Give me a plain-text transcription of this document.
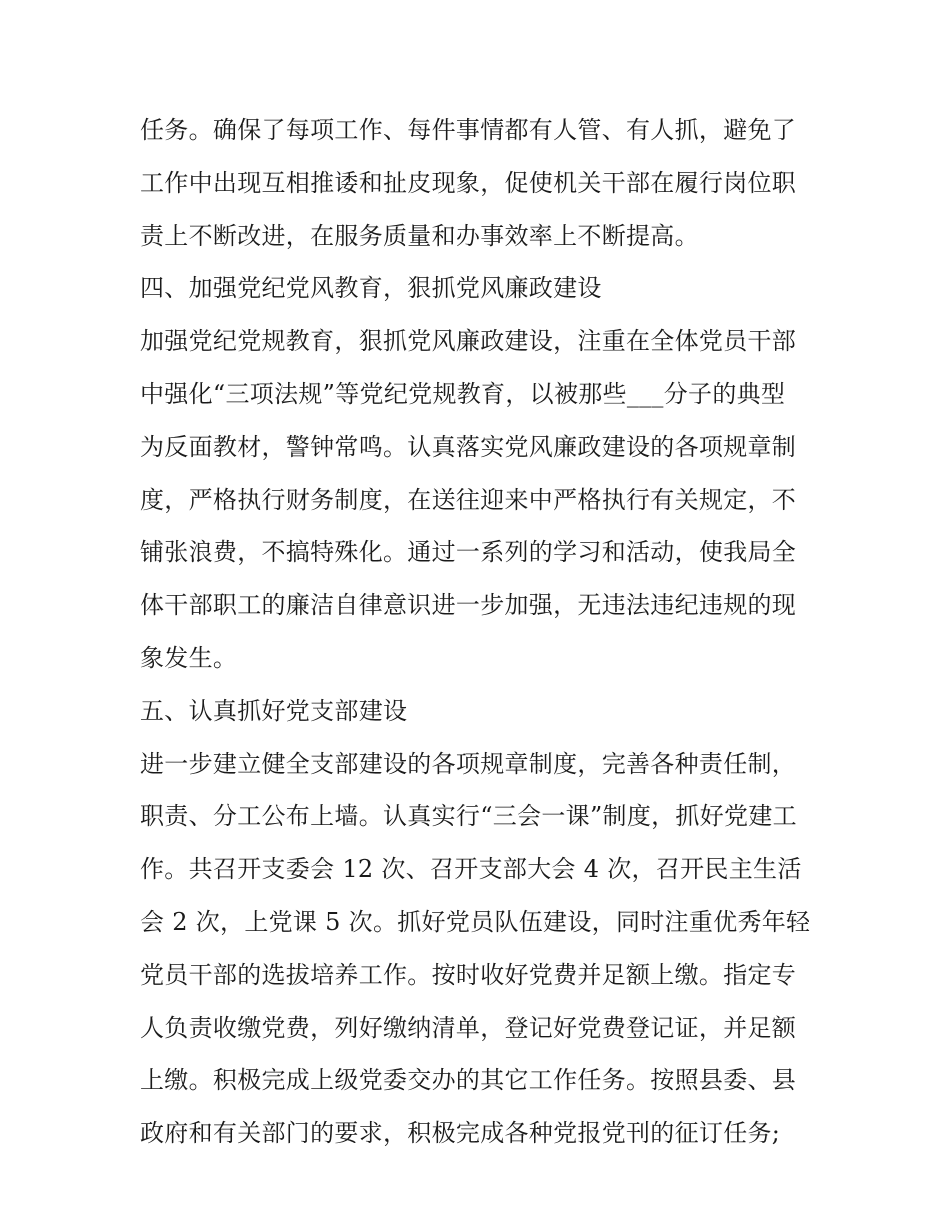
任务。确保了每项工作、每件事情都有人管、有人抓，避免了
工作中出现互相推诿和扯皮现象，促使机关干部在履行岗位职
责上不断改进，在服务质量和办事效率上不断提高。
四、加强党纪党风教育，狠抓党风廉政建设
加强党纪党规教育，狠抓党风廉政建设，注重在全体党员干部
中强化“三项法规”等党纪党规教育，以被那些___分子的典型
为反面教材，警钟常鸣。认真落实党风廉政建设的各项规章制
度，严格执行财务制度，在送往迎来中严格执行有关规定，不
铺张浪费，不搞特殊化。通过一系列的学习和活动，使我局全
体干部职工的廉洁自律意识进一步加强，无违法违纪违规的现
象发生。
五、认真抓好党支部建设
进一步建立健全支部建设的各项规章制度，完善各种责任制，
职责、分工公布上墙。认真实行“三会一课”制度，抓好党建工
作。共召开支委会 12 次、召开支部大会 4 次，召开民主生活
会 2 次，上党课 5 次。抓好党员队伍建设，同时注重优秀年轻
党员干部的选拔培养工作。按时收好党费并足额上缴。指定专
人负责收缴党费，列好缴纳清单，登记好党费登记证，并足额
上缴。积极完成上级党委交办的其它工作任务。按照县委、县
政府和有关部门的要求，积极完成各种党报党刊的征订任务;
